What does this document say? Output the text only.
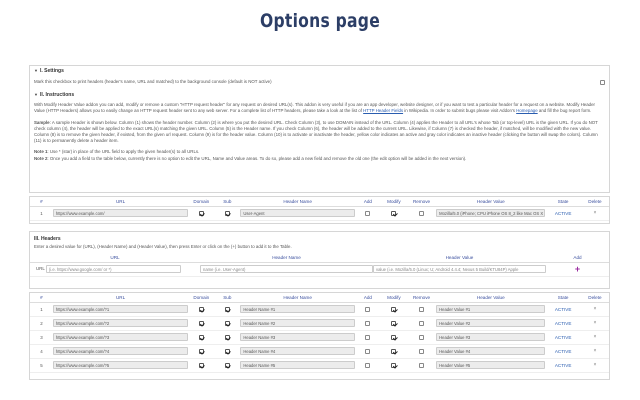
Options page
▼ I. Settings
Mark this checkbox to print headers (header's name, URL and matched) to the background console (default is NOT active)
▼ II. Instructions
With Modify Header Value addon you can add, modify or remove a custom "HTTP request header" for any request on desired URL(s). This addon is very useful if you are an app developer, website designer, or if you want to test a particular header for a request on a website. Modify Header Value (HTTP Headers) allows you to easily change an HTTP request header sent to any web server. For a complete list of HTTP headers, please take a look at the list of HTTP Header Fields in Wikipedia. In order to submit bugs please visit Addon's Homepage and fill the bug report form.
Sample: A sample Header is shown below. Column (1) shows the header number. Column (2) is where you put the desired URL. Check Column (3), to use DOMAIN instead of the URL. Column (4) applies the Header to all URL's whose Tab (or top-level) URL is the given URL. If you do NOT check column (4), the header will be applied to the exact URL(s) matching the given URL. Column (5) is the Header name. If you check Column (6), the header will be added to the current URL. Likewise, if Column (7) is checked the header, if matched, will be modified with the new value. Column (8) is to remove the given header, if existed, from the given url request. Column (9) is for the header value. Column (10) is to activate or inactivate the header, yellow color indicates an active and gray color indicates an inactive header (clicking the button will swap the colors). Column (11) is to permanently delete a header item.
Note 1: Use * (star) in place of the URL field to apply the given header(s) to all URLs.
Note 2: Once you add a field to the table below, currently there is no option to edit the URL, Name and Value areas. To do so, please add a new field and remove the old one (the edit option will be added in the next version).
#	URL	Domain	Sub	Header Name	Add	Modify	Remove	Header Value	State	Delete
1	https://www.example.com/			User-Agent				Mozilla/5.0 (iPhone; CPU iPhone OS 8_2 like Mac OS X	ACTIVE	×
III. Headers
Enter a desired value for (URL), (Header Name) and (Header Value), then press Enter or click on the (+) button to add it to the Table.
URL	Header Name	Header Value	Add
URL (i.e. https://www.google.com/ or *)	name (i.e. User-Agent)	value (i.e. Mozilla/5.0 (Linux; U; Android 4.4.4; Nexus 5 Build/KTU84P) Apple	+
#	URL	Domain	Sub	Header Name	Add	Modify	Remove	Header Value	State	Delete
1	https://www.example.com/?1			Header Name #1				Header Value #1	ACTIVE	×
2	https://www.example.com/?2			Header Name #2				Header Value #2	ACTIVE	×
3	https://www.example.com/?3			Header Name #3				Header Value #3	ACTIVE	×
4	https://www.example.com/?4			Header Name #4				Header Value #4	ACTIVE	×
5	https://www.example.com/?5			Header Name #5				Header Value #5	ACTIVE	×
